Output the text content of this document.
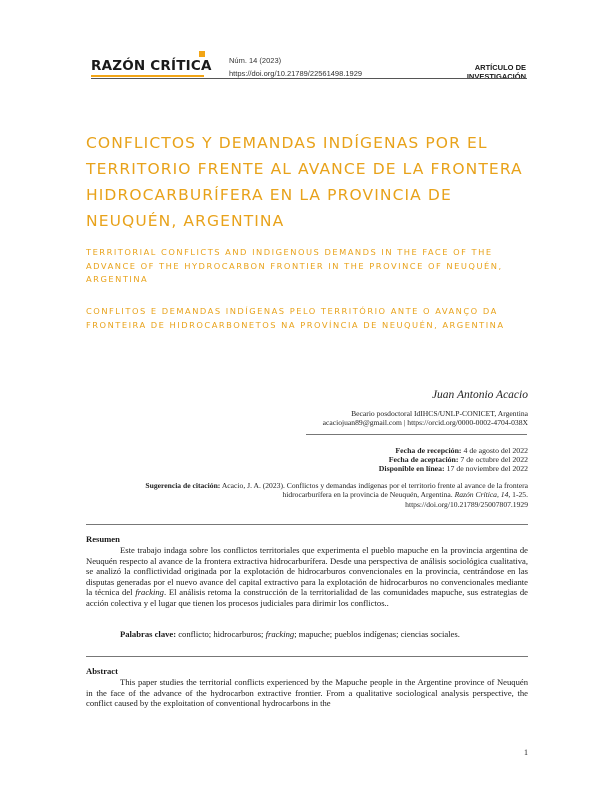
RAZÓN CRÍTICA Núm. 14 (2023)
https://doi.org/10.21789/22561498.1929
ARTÍCULO DE INVESTIGACIÓN
CONFLICTOS Y DEMANDAS INDÍGENAS POR EL TERRITORIO FRENTE AL AVANCE DE LA FRONTERA HIDROCARBURÍFERA EN LA PROVINCIA DE NEUQUÉN, ARGENTINA
TERRITORIAL CONFLICTS AND INDIGENOUS DEMANDS IN THE FACE OF THE ADVANCE OF THE HYDROCARBON FRONTIER IN THE PROVINCE OF NEUQUÉN, ARGENTINA
CONFLITOS E DEMANDAS INDÍGENAS PELO TERRITÓRIO ANTE O AVANÇO DA FRONTEIRA DE HIDROCARBONETOS NA PROVÍNCIA DE NEUQUÉN, ARGENTINA
Juan Antonio Acacio
Becario posdoctoral IdIHCS/UNLP-CONICET, Argentina
acaciojuan89@gmail.com | https://orcid.org/0000-0002-4704-038X
Fecha de recepción: 4 de agosto del 2022
Fecha de aceptación: 7 de octubre del 2022
Disponible en línea: 17 de noviembre del 2022
Sugerencia de citación: Acacio, J. A. (2023). Conflictos y demandas indígenas por el territorio frente al avance de la frontera hidrocarburífera en la provincia de Neuquén, Argentina. Razón Crítica, 14, 1-25.
https://doi.org/10.21789/25007807.1929
Resumen
Este trabajo indaga sobre los conflictos territoriales que experimenta el pueblo mapuche en la provincia argentina de Neuquén respecto al avance de la frontera extractiva hidrocarburífera. Desde una perspectiva de análisis sociológica cualitativa, se analizó la conflictividad originada por la explotación de hidrocarburos convencionales en la provincia, centrándose en las disputas generadas por el nuevo avance del capital extractivo para la explotación de hidrocarburos no convencionales mediante la técnica del fracking. El análisis retoma la construcción de la territorialidad de las comunidades mapuche, sus estrategias de acción colectiva y el lugar que tienen los procesos judiciales para dirimir los conflictos..
Palabras clave: conflicto; hidrocarburos; fracking; mapuche; pueblos indígenas; ciencias sociales.
Abstract
This paper studies the territorial conflicts experienced by the Mapuche people in the Argentine province of Neuquén in the face of the advance of the hydrocarbon extractive frontier. From a qualitative sociological analysis perspective, the conflict caused by the exploitation of conventional hydrocarbons in the
1
